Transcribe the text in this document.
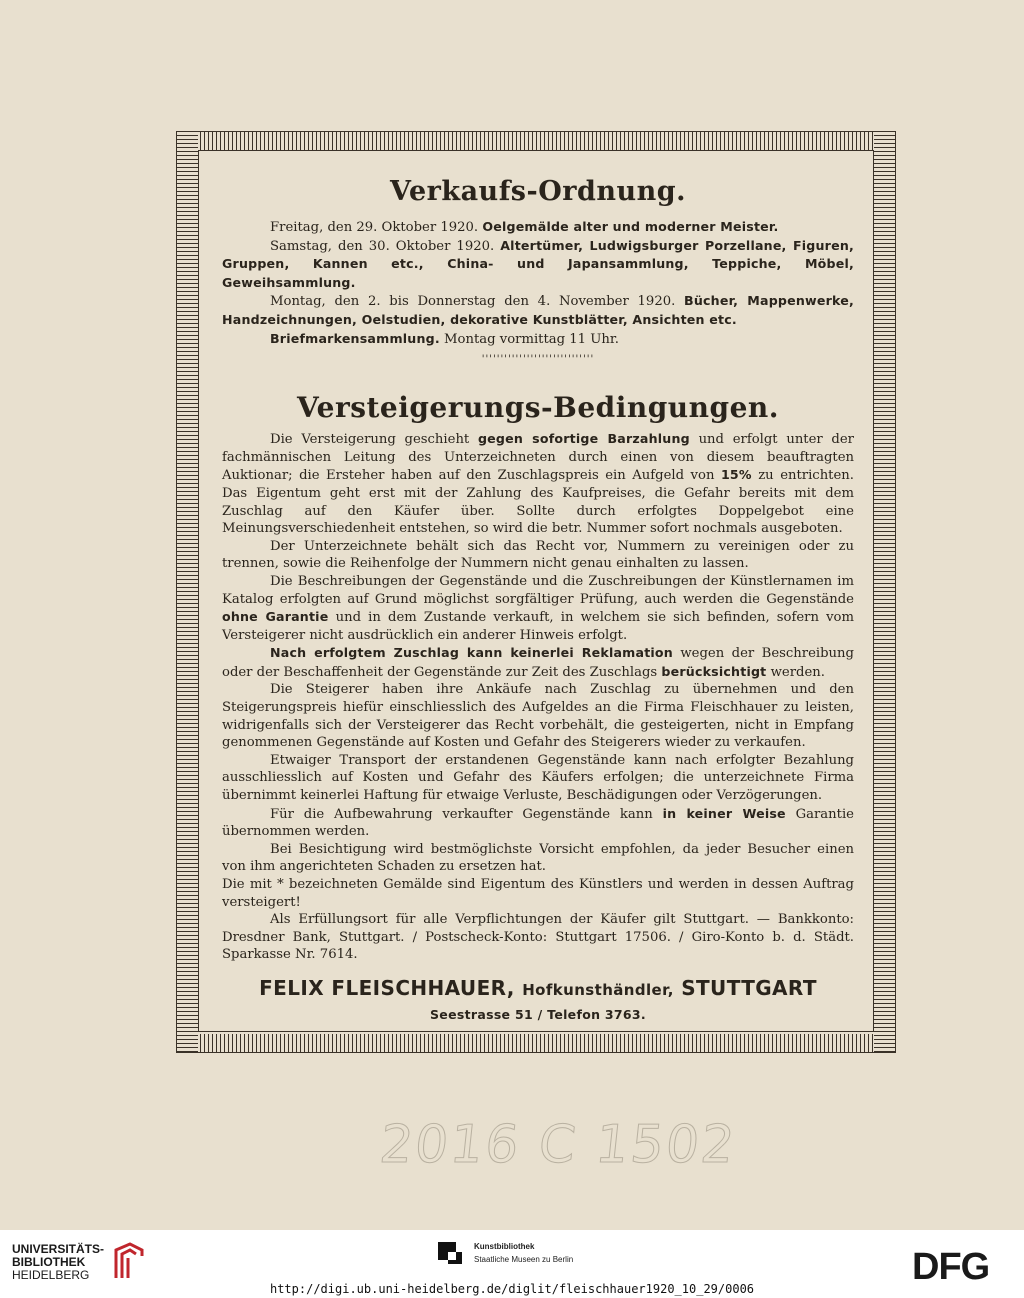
Verkaufs-Ordnung.

Freitag, den 29. Oktober 1920. Oelgemälde alter und moderner Meister.

Samstag, den 30. Oktober 1920. Altertümer, Ludwigsburger Porzellane, Figuren, Gruppen, Kannen etc., China- und Japansammlung, Teppiche, Möbel, Geweihsammlung.

Montag, den 2. bis Donnerstag den 4. November 1920. Bücher, Mappenwerke, Handzeichnungen, Oelstudien, dekorative Kunstblätter, Ansichten etc.

Briefmarkensammlung. Montag vormittag 11 Uhr.

''''''''''''''''''''''''''''''
Versteigerungs-Bedingungen.

Die Versteigerung geschieht gegen sofortige Barzahlung und erfolgt unter der fachmännischen Leitung des Unterzeichneten durch einen von diesem beauftragten Auktionar; die Ersteher haben auf den Zuschlagspreis ein Aufgeld von 15% zu entrichten. Das Eigentum geht erst mit der Zahlung des Kaufpreises, die Gefahr bereits mit dem Zuschlag auf den Käufer über. Sollte durch erfolgtes Doppelgebot eine Meinungsverschiedenheit entstehen, so wird die betr. Nummer sofort nochmals ausgeboten.

Der Unterzeichnete behält sich das Recht vor, Nummern zu vereinigen oder zu trennen, sowie die Reihenfolge der Nummern nicht genau einhalten zu lassen.

Die Beschreibungen der Gegenstände und die Zuschreibungen der Künstlernamen im Katalog erfolgten auf Grund möglichst sorgfältiger Prüfung, auch werden die Gegenstände ohne Garantie und in dem Zustande verkauft, in welchem sie sich befinden, sofern vom Versteigerer nicht ausdrücklich ein anderer Hinweis erfolgt.

Nach erfolgtem Zuschlag kann keinerlei Reklamation wegen der Beschreibung oder der Beschaffenheit der Gegenstände zur Zeit des Zuschlags berücksichtigt werden.

Die Steigerer haben ihre Ankäufe nach Zuschlag zu übernehmen und den Steigerungspreis hiefür einschliesslich des Aufgeldes an die Firma Fleischhauer zu leisten, widrigenfalls sich der Versteigerer das Recht vorbehält, die gesteigerten, nicht in Empfang genommenen Gegenstände auf Kosten und Gefahr des Steigerers wieder zu verkaufen.

Etwaiger Transport der erstandenen Gegenstände kann nach erfolgter Bezahlung ausschliesslich auf Kosten und Gefahr des Käufers erfolgen; die unterzeichnete Firma übernimmt keinerlei Haftung für etwaige Verluste, Beschädigungen oder Verzögerungen.

Für die Aufbewahrung verkaufter Gegenstände kann in keiner Weise Garantie übernommen werden.

Bei Besichtigung wird bestmöglichste Vorsicht empfohlen, da jeder Besucher einen von ihm angerichteten Schaden zu ersetzen hat.

Die mit * bezeichneten Gemälde sind Eigentum des Künstlers und werden in dessen Auftrag versteigert!

Als Erfüllungsort für alle Verpflichtungen der Käufer gilt Stuttgart. — Bankkonto: Dresdner Bank, Stuttgart. / Postscheck-Konto: Stuttgart 17506. / Giro-Konto b. d. Städt. Sparkasse Nr. 7614.

FELIX FLEISCHHAUER, Hofkunsthändler, STUTTGART
Seestrasse 51 / Telefon 3763.
2016 C 1502
UNIVERSITÄTS-
BIBLIOTHEK
HEIDELBERG
Kunstbibliothek
Staatliche Museen zu Berlin	DFG
http://digi.ub.uni-heidelberg.de/diglit/fleischhauer1920_10_29/0006
